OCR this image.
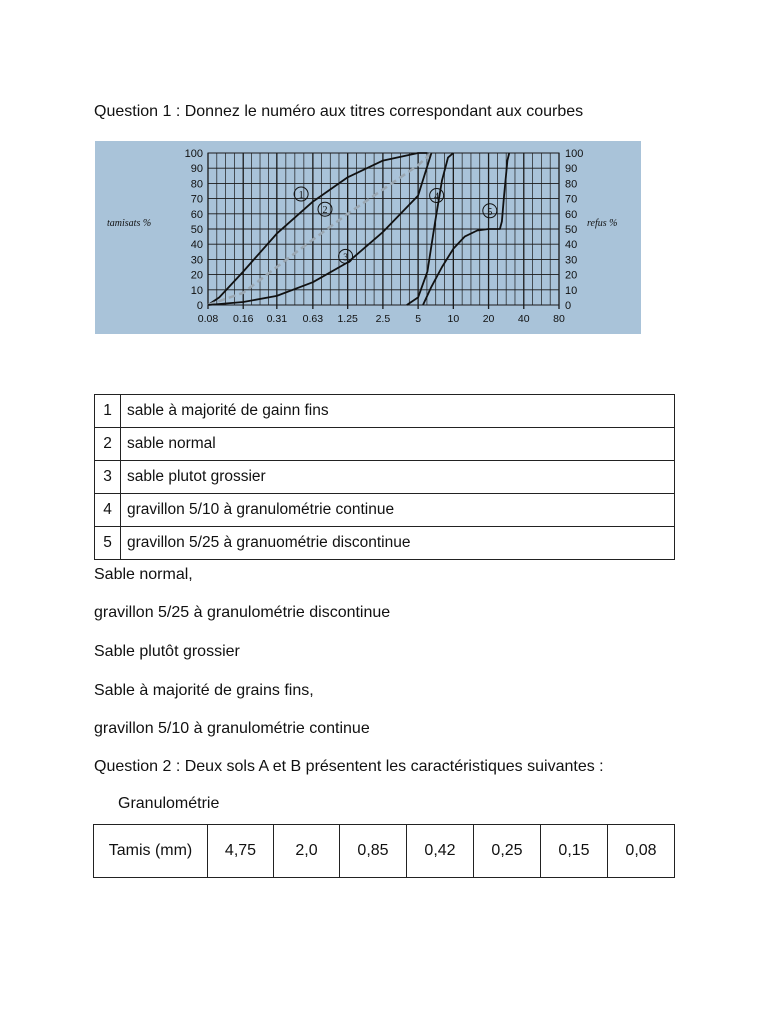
Question 1 : Donnez le numéro aux titres correspondant aux courbes
0
10
20
30
40
50
60
70
80
90
100
0
10
20
30
40
50
60
70
80
90
100
0.08 0.16 0.31 0.63 1.25 2.5 5	10 20 40 80
tamisats %	refus %
1
2
3
4
5
1	sable à majorité de gainn fins
2	sable normal
3	sable plutot grossier
4	gravillon 5/10 à granulométrie continue
5	gravillon 5/25 à granuométrie discontinue
Sable normal,
gravillon 5/25 à granulométrie discontinue
Sable plutôt grossier
Sable à majorité de grains fins,
gravillon 5/10 à granulométrie continue
Question 2 : Deux sols A et B présentent les caractéristiques suivantes :
Granulométrie
Tamis (mm)	4,75	2,0	0,85	0,42	0,25	0,15	0,08
